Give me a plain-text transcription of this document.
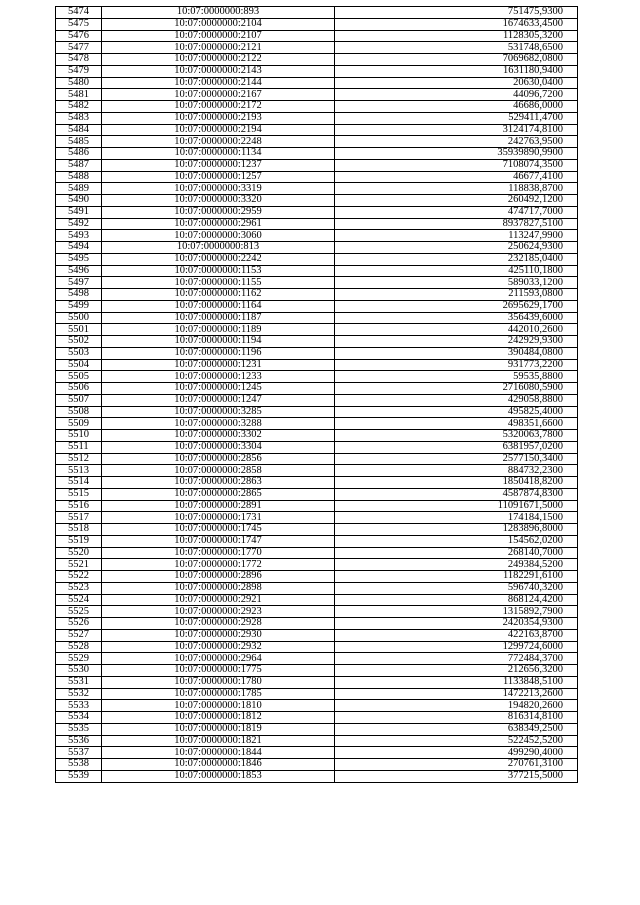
5474	10:07:0000000:893	751475,9300
5475	10:07:0000000:2104	1674633,4500
5476	10:07:0000000:2107	1128305,3200
5477	10:07:0000000:2121	531748,6500
5478	10:07:0000000:2122	7069682,0800
5479	10:07:0000000:2143	1631180,9400
5480	10:07:0000000:2144	20630,0400
5481	10:07:0000000:2167	44096,7200
5482	10:07:0000000:2172	46686,0000
5483	10:07:0000000:2193	529411,4700
5484	10:07:0000000:2194	3124174,8100
5485	10:07:0000000:2248	242763,9500
5486	10:07:0000000:1134	35939890,9900
5487	10:07:0000000:1237	7108074,3500
5488	10:07:0000000:1257	46677,4100
5489	10:07:0000000:3319	118838,8700
5490	10:07:0000000:3320	260492,1200
5491	10:07:0000000:2959	474717,7000
5492	10:07:0000000:2961	8937827,5100
5493	10:07:0000000:3060	113247,9900
5494	10:07:0000000:813	250624,9300
5495	10:07:0000000:2242	232185,0400
5496	10:07:0000000:1153	425110,1800
5497	10:07:0000000:1155	589033,1200
5498	10:07:0000000:1162	211593,0800
5499	10:07:0000000:1164	2695629,1700
5500	10:07:0000000:1187	356439,6000
5501	10:07:0000000:1189	442010,2600
5502	10:07:0000000:1194	242929,9300
5503	10:07:0000000:1196	390484,0800
5504	10:07:0000000:1231	931773,2200
5505	10:07:0000000:1233	59535,8800
5506	10:07:0000000:1245	2716080,5900
5507	10:07:0000000:1247	429058,8800
5508	10:07:0000000:3285	495825,4000
5509	10:07:0000000:3288	498351,6600
5510	10:07:0000000:3302	5320063,7800
5511	10:07:0000000:3304	6381957,0200
5512	10:07:0000000:2856	2577150,3400
5513	10:07:0000000:2858	884732,2300
5514	10:07:0000000:2863	1850418,8200
5515	10:07:0000000:2865	4587874,8300
5516	10:07:0000000:2891	11091671,5000
5517	10:07:0000000:1731	174184,1500
5518	10:07:0000000:1745	1283896,8000
5519	10:07:0000000:1747	154562,0200
5520	10:07:0000000:1770	268140,7000
5521	10:07:0000000:1772	249384,5200
5522	10:07:0000000:2896	1182291,6100
5523	10:07:0000000:2898	596740,3200
5524	10:07:0000000:2921	868124,4200
5525	10:07:0000000:2923	1315892,7900
5526	10:07:0000000:2928	2420354,9300
5527	10:07:0000000:2930	422163,8700
5528	10:07:0000000:2932	1299724,6000
5529	10:07:0000000:2964	772484,3700
5530	10:07:0000000:1775	212656,3200
5531	10:07:0000000:1780	1133848,5100
5532	10:07:0000000:1785	1472213,2600
5533	10:07:0000000:1810	194820,2600
5534	10:07:0000000:1812	816314,8100
5535	10:07:0000000:1819	638349,2500
5536	10:07:0000000:1821	522452,5200
5537	10:07:0000000:1844	499290,4000
5538	10:07:0000000:1846	270761,3100
5539	10:07:0000000:1853	377215,5000
